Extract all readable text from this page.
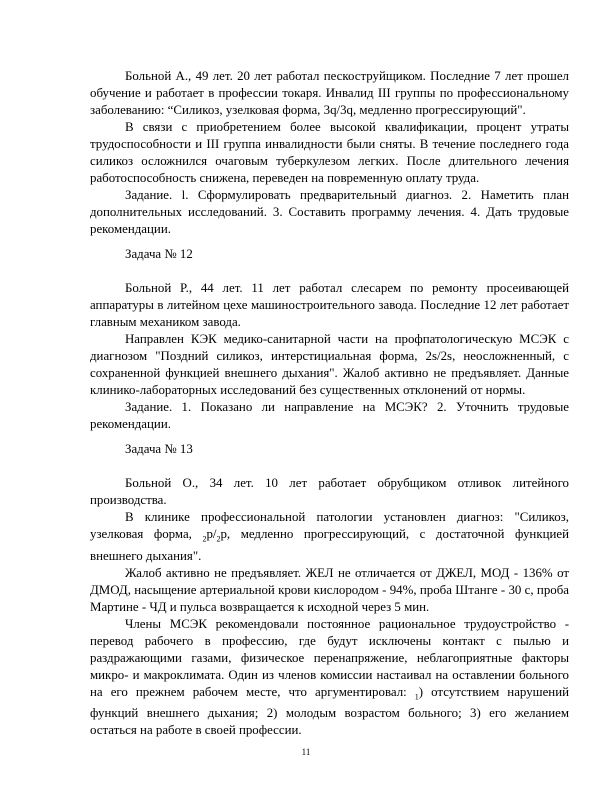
Больной А., 49 лет. 20 лет работал пескоструйщиком. Последние 7 лет прошел обучение и работает в профессии токаря. Инвалид III группы по профессиональному заболеванию: “Силикоз, узелковая форма, 3q/3q, медленно прогрессирующий".

В связи с приобретением более высокой квалификации, процент утраты трудоспособности и III группа инвалидности были сняты. В течение последнего года силикоз осложнился очаговым туберкулезом легких. После длительного лечения работоспособность снижена, переведен на повременную оплату труда.

Задание. l. Сформулировать предварительный диагноз. 2. Наметить план дополнительных исследований. 3. Составить программу лечения. 4. Дать трудовые рекомендации.

Задача № 12

Больной Р., 44 лет. 11 лет работал слесарем по ремонту просеивающей аппаратуры в литейном цехе машиностроительного завода. Последние 12 лет работает главным механиком завода.

Направлен КЭК медико-санитарной части на профпатологическую МСЭК с диагнозом "Поздний силикоз, интерстициальная форма, 2s/2s, неосложненный, с сохраненной функцией внешнего дыхания". Жалоб активно не предъявляет. Данные клинико-лабораторных исследований без существенных отклонений от нормы.

Задание. 1. Показано ли направление на МСЭК? 2. Уточнить трудовые рекомендации.

Задача № 13

Больной О., 34 лет. 10 лет работает обрубщиком отливок литейного производства.

В клинике профессиональной патологии установлен диагноз: "Силикоз, узелковая форма, $_2р/_2р$, медленно прогрессирующий, с достаточной функцией внешнего дыхания".

Жалоб активно не предъявляет. ЖЕЛ не отличается от ДЖЕЛ, МОД - 136% от ДМОД, насыщение артериальной крови кислородом - 94%, проба Штанге - 30 с, проба Мартине - ЧД и пульса возвращается к исходной через 5 мин.

Члены МСЭК рекомендовали постоянное рациональное трудоустройство - перевод рабочего в профессию, где будут исключены контакт с пылью и раздражающими газами, физическое перенапряжение, неблагоприятные факторы микро- и макроклимата. Один из членов комиссии настаивал на оставлении больного на его прежнем рабочем месте, что аргументировал: $_1$) отсутствием нарушений функций внешнего дыхания; 2) молодым возрастом больного; 3) его желанием остаться на работе в своей профессии.

11
